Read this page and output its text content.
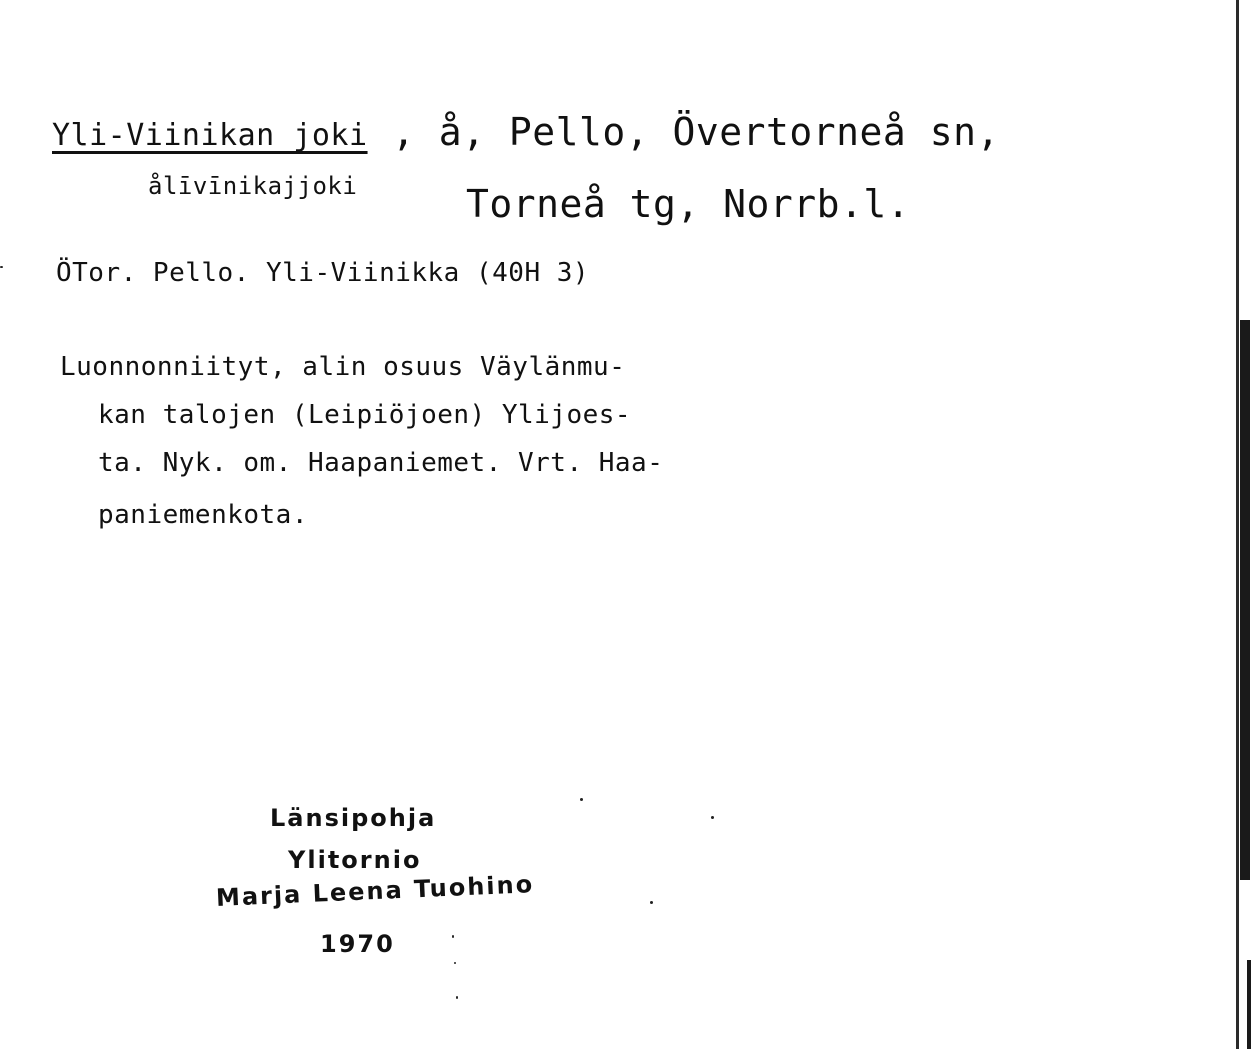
Yli-Viinikan joki , å, Pello, Övertorneå sn,
ålīvīnikajjoki	Torneå tg, Norrb.l.
ÖTor. Pello. Yli-Viinikka (40H 3)
Luonnonniityt, alin osuus Väylänmu-
kan talojen (Leipiöjoen) Ylijoes-
ta. Nyk. om. Haapaniemet. Vrt. Haa-
paniemenkota.
Länsipohja
Ylitornio
Marja Leena Tuohino
1970
